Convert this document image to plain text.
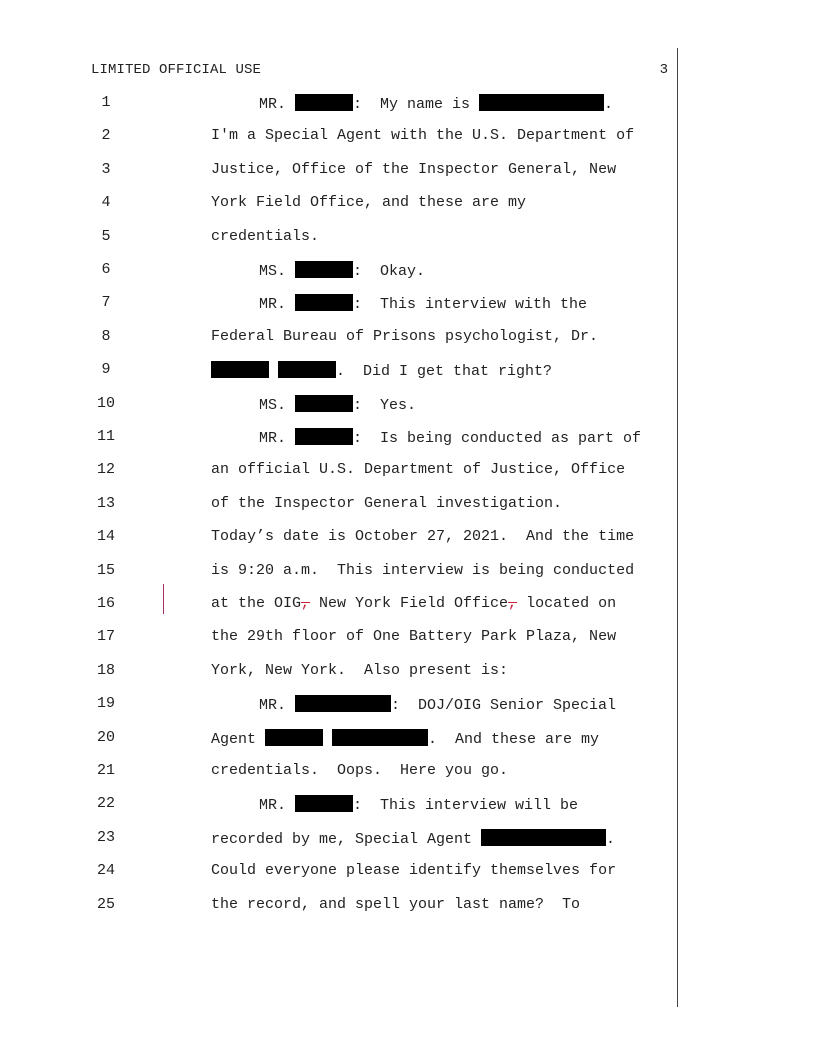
LIMITED OFFICIAL USE	3
1	MR.	:  My name is	.
2	I'm a Special Agent with the U.S. Department of
3	Justice, Office of the Inspector General, New
4	York Field Office, and these are my
5	credentials.
6	MS.	:  Okay.
7	MR.	:  This interview with the
8	Federal Bureau of Prisons psychologist, Dr.
9	.  Did I get that right?
10	MS.	:  Yes.
11	MR.	:  Is being conducted as part of
12	an official U.S. Department of Justice, Office
13	of the Inspector General investigation.
14	Today’s date is October 27, 2021.  And the time
15	is 9:20 a.m.  This interview is being conducted
16	at the OIG, New York Field Office, located on
17	the 29th floor of One Battery Park Plaza, New
18	York, New York.  Also present is:
19	MR.	:  DOJ/OIG Senior Special
20	Agent	.  And these are my
21	credentials.  Oops.  Here you go.
22	MR.	:  This interview will be
23	recorded by me, Special Agent	.
24	Could everyone please identify themselves for
25	the record, and spell your last name?  To
